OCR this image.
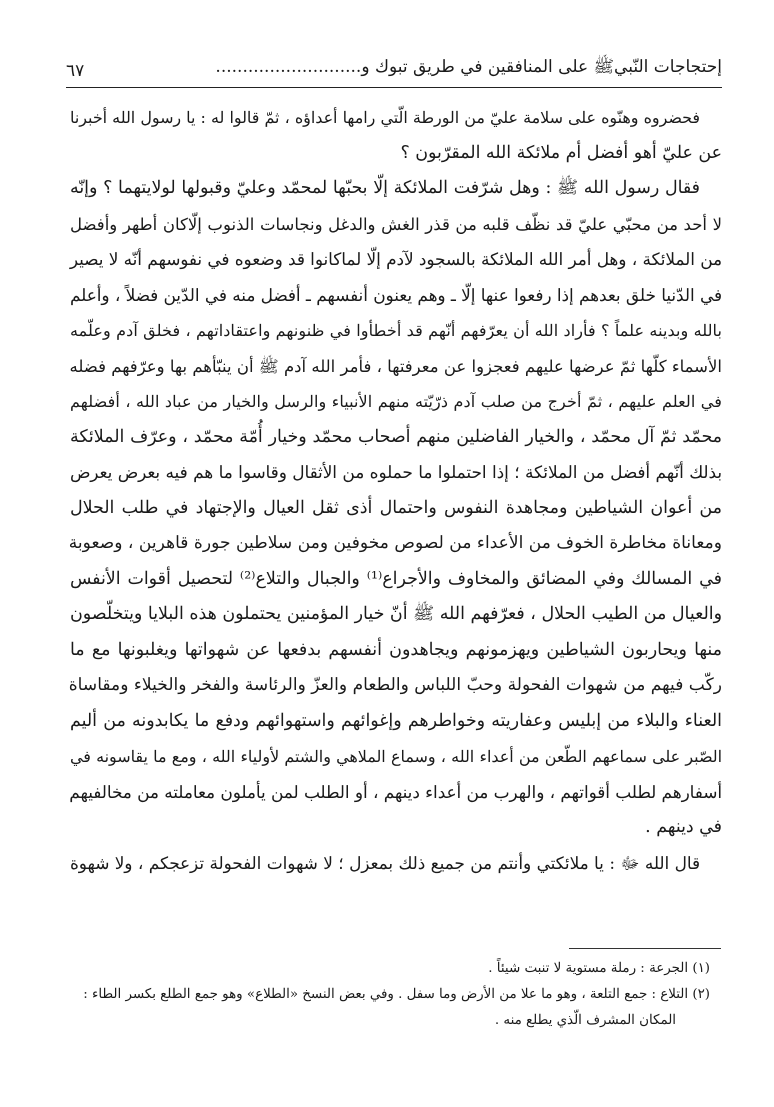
إحتجاجات النّبيﷺ على المنافقين في طريق تبوك و...........................
٦٧
فحضروه وهنّوه على سلامة عليّ من الورطة الّتي رامها أعداؤه ، ثمّ قالوا له : يا رسول الله أخبرنا
عن عليّ أهو أفضل أم ملائكة الله المقرّبون ؟
فقال رسول الله ﷺ : وهل شرّفت الملائكة إلّا بحبّها لمحمّد وعليّ وقبولها لولايتهما ؟ وإنّه
لا أحد من محبّي عليّ قد نظّف قلبه من قذر الغش والدغل ونجاسات الذنوب إلّاكان أطهر وأفضل
من الملائكة ، وهل أمر الله الملائكة بالسجود لآدم إلّا لماكانوا قد وضعوه في نفوسهم أنّه لا يصير
في الدّنيا خلق بعدهم إذا رفعوا عنها إلّا ـ وهم يعنون أنفسهم ـ أفضل منه في الدّين فضلاً ، وأعلم
بالله وبدينه علماً ؟ فأراد الله أن يعرّفهم أنّهم قد أخطأوا في ظنونهم واعتقاداتهم ، فخلق آدم وعلّمه
الأسماء كلّها ثمّ عرضها عليهم فعجزوا عن معرفتها ، فأمر الله آدم ﷺ أن ينبّأهم بها وعرّفهم فضله
في العلم عليهم ، ثمّ أخرج من صلب آدم ذرّيّته منهم الأنبياء والرسل والخيار من عباد الله ، أفضلهم
محمّد ثمّ آل محمّد ، والخيار الفاضلين منهم أصحاب محمّد وخيار أُمّة محمّد ، وعرّف الملائكة
بذلك أنّهم أفضل من الملائكة ؛ إذا احتملوا ما حملوه من الأثقال وقاسوا ما هم فيه بعرض يعرض
من أعوان الشياطين ومجاهدة النفوس واحتمال أذى ثقل العيال والإجتهاد في طلب الحلال
ومعاناة مخاطرة الخوف من الأعداء من لصوص مخوفين ومن سلاطين جورة قاهرين ، وصعوبة
في المسالك وفي المضائق والمخاوف والأجراع⁽¹⁾ والجبال والتلاع⁽²⁾ لتحصيل أقوات الأنفس
والعيال من الطيب الحلال ، فعرّفهم الله ﷺ أنّ خيار المؤمنين يحتملون هذه البلايا ويتخلّصون
منها ويحاربون الشياطين ويهزمونهم ويجاهدون أنفسهم بدفعها عن شهواتها ويغلبونها مع ما
ركّب فيهم من شهوات الفحولة وحبّ اللباس والطعام والعزّ والرئاسة والفخر والخيلاء ومقاساة
العناء والبلاء من إبليس وعفاريته وخواطرهم وإغوائهم واستهوائهم ودفع ما يكابدونه من أليم
الصّبر على سماعهم الطّعن من أعداء الله ، وسماع الملاهي والشتم لأولياء الله ، ومع ما يقاسونه في
أسفارهم لطلب أقواتهم ، والهرب من أعداء دينهم ، أو الطلب لمن يأملون معاملته من مخالفيهم
في دينهم .
قال الله ﷻ : يا ملائكتي وأنتم من جميع ذلك بمعزل ؛ لا شهوات الفحولة تزعجكم ، ولا شهوة
(١) الجرعة : رملة مستوية لا تنبت شيئاً .
(٢) التلاع : جمع التلعة ، وهو ما علا من الأرض وما سفل . وفي بعض النسخ «الطلاع» وهو جمع الطلع بكسر الطاء :
المكان المشرف الّذي يطلع منه .
